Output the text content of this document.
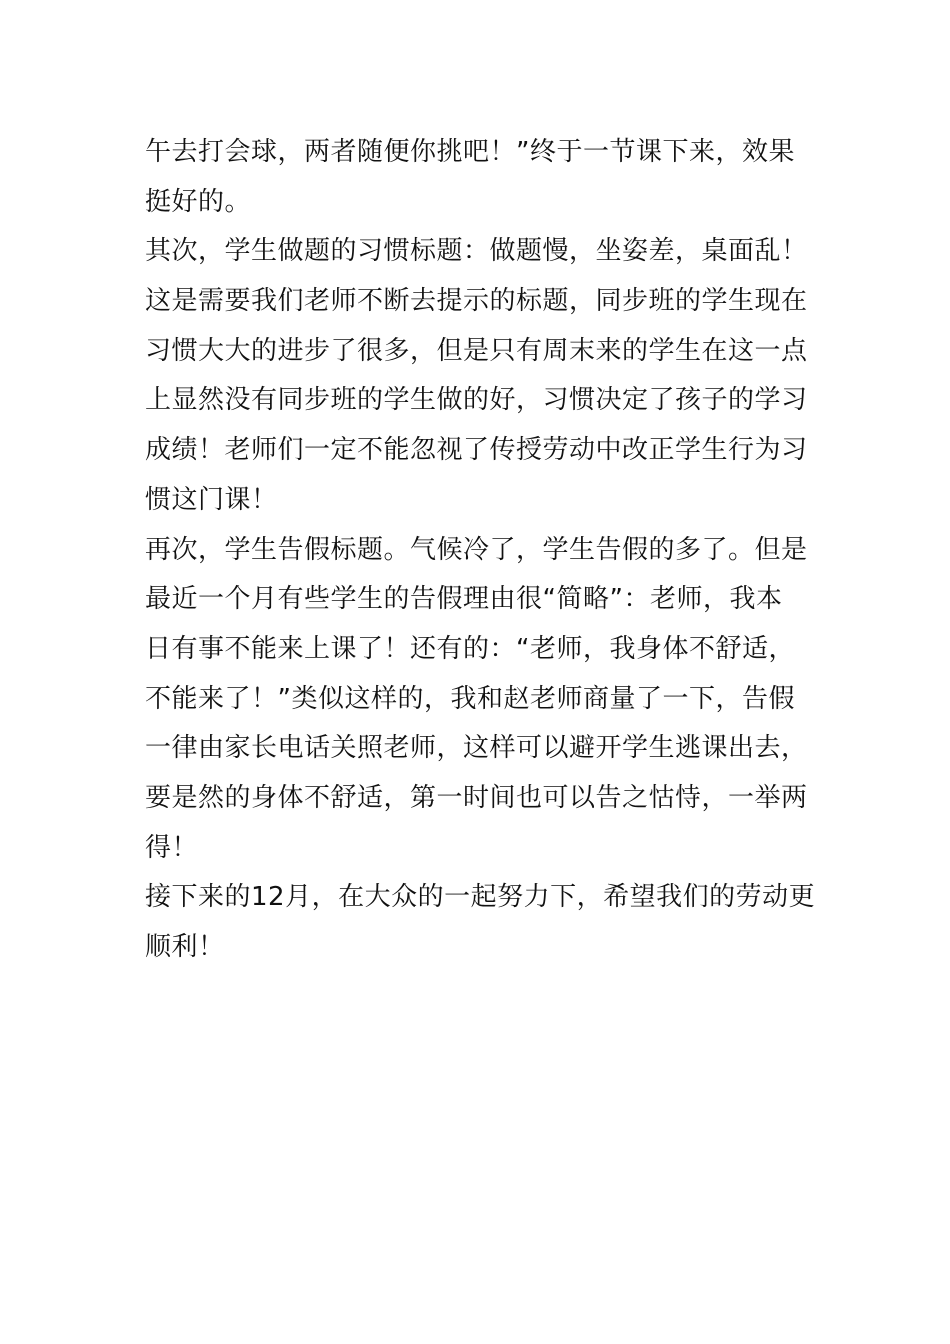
午去打会球，两者随便你挑吧！”终于一节课下来，效果
挺好的。
其次，学生做题的习惯标题：做题慢，坐姿差，桌面乱！
这是需要我们老师不断去提示的标题，同步班的学生现在
习惯大大的进步了很多，但是只有周末来的学生在这一点
上显然没有同步班的学生做的好，习惯决定了孩子的学习
成绩！老师们一定不能忽视了传授劳动中改正学生行为习
惯这门课！
再次，学生告假标题。气候冷了，学生告假的多了。但是
最近一个月有些学生的告假理由很“简略”：老师，我本
日有事不能来上课了！还有的：“老师，我身体不舒适，
不能来了！”类似这样的，我和赵老师商量了一下，告假
一律由家长电话关照老师，这样可以避开学生逃课出去，
要是然的身体不舒适，第一时间也可以告之怙恃，一举两
得！
接下来的12月，在大众的一起努力下，希望我们的劳动更
顺利！
